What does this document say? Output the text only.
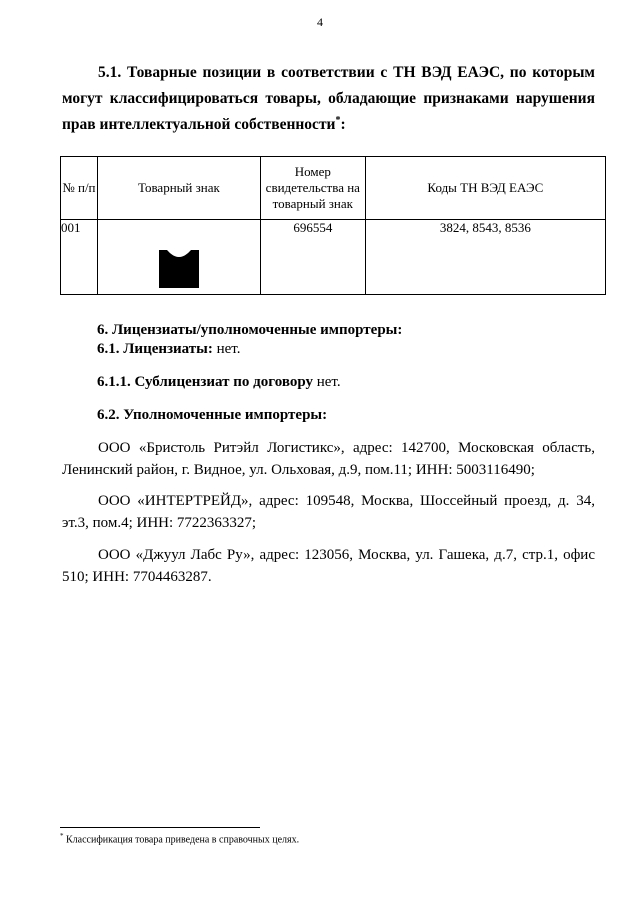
4
5.1. Товарные позиции в соответствии с ТН ВЭД ЕАЭС, по которым могут классифицироваться товары, обладающие признаками нарушения прав интеллектуальной собственности*:
№ п/п	Товарный знак	Номер свидетельства на товарный знак	Коды ТН ВЭД ЕАЭС
001		696554	3824, 8543, 8536
6. Лицензиаты/уполномоченные импортеры:
6.1. Лицензиаты: нет.
6.1.1. Сублицензиат по договору нет.
6.2. Уполномоченные импортеры:
ООО «Бристоль Ритэйл Логистикс», адрес: 142700, Московская область, Ленинский район, г. Видное, ул. Ольховая, д.9, пом.11; ИНН: 5003116490;
ООО «ИНТЕРТРЕЙД», адрес: 109548, Москва, Шоссейный проезд, д. 34, эт.3, пом.4; ИНН: 7722363327;
ООО «Джуул Лабс Ру», адрес: 123056, Москва, ул. Гашека, д.7, стр.1, офис 510; ИНН: 7704463287.
* Классификация товара приведена в справочных целях.
